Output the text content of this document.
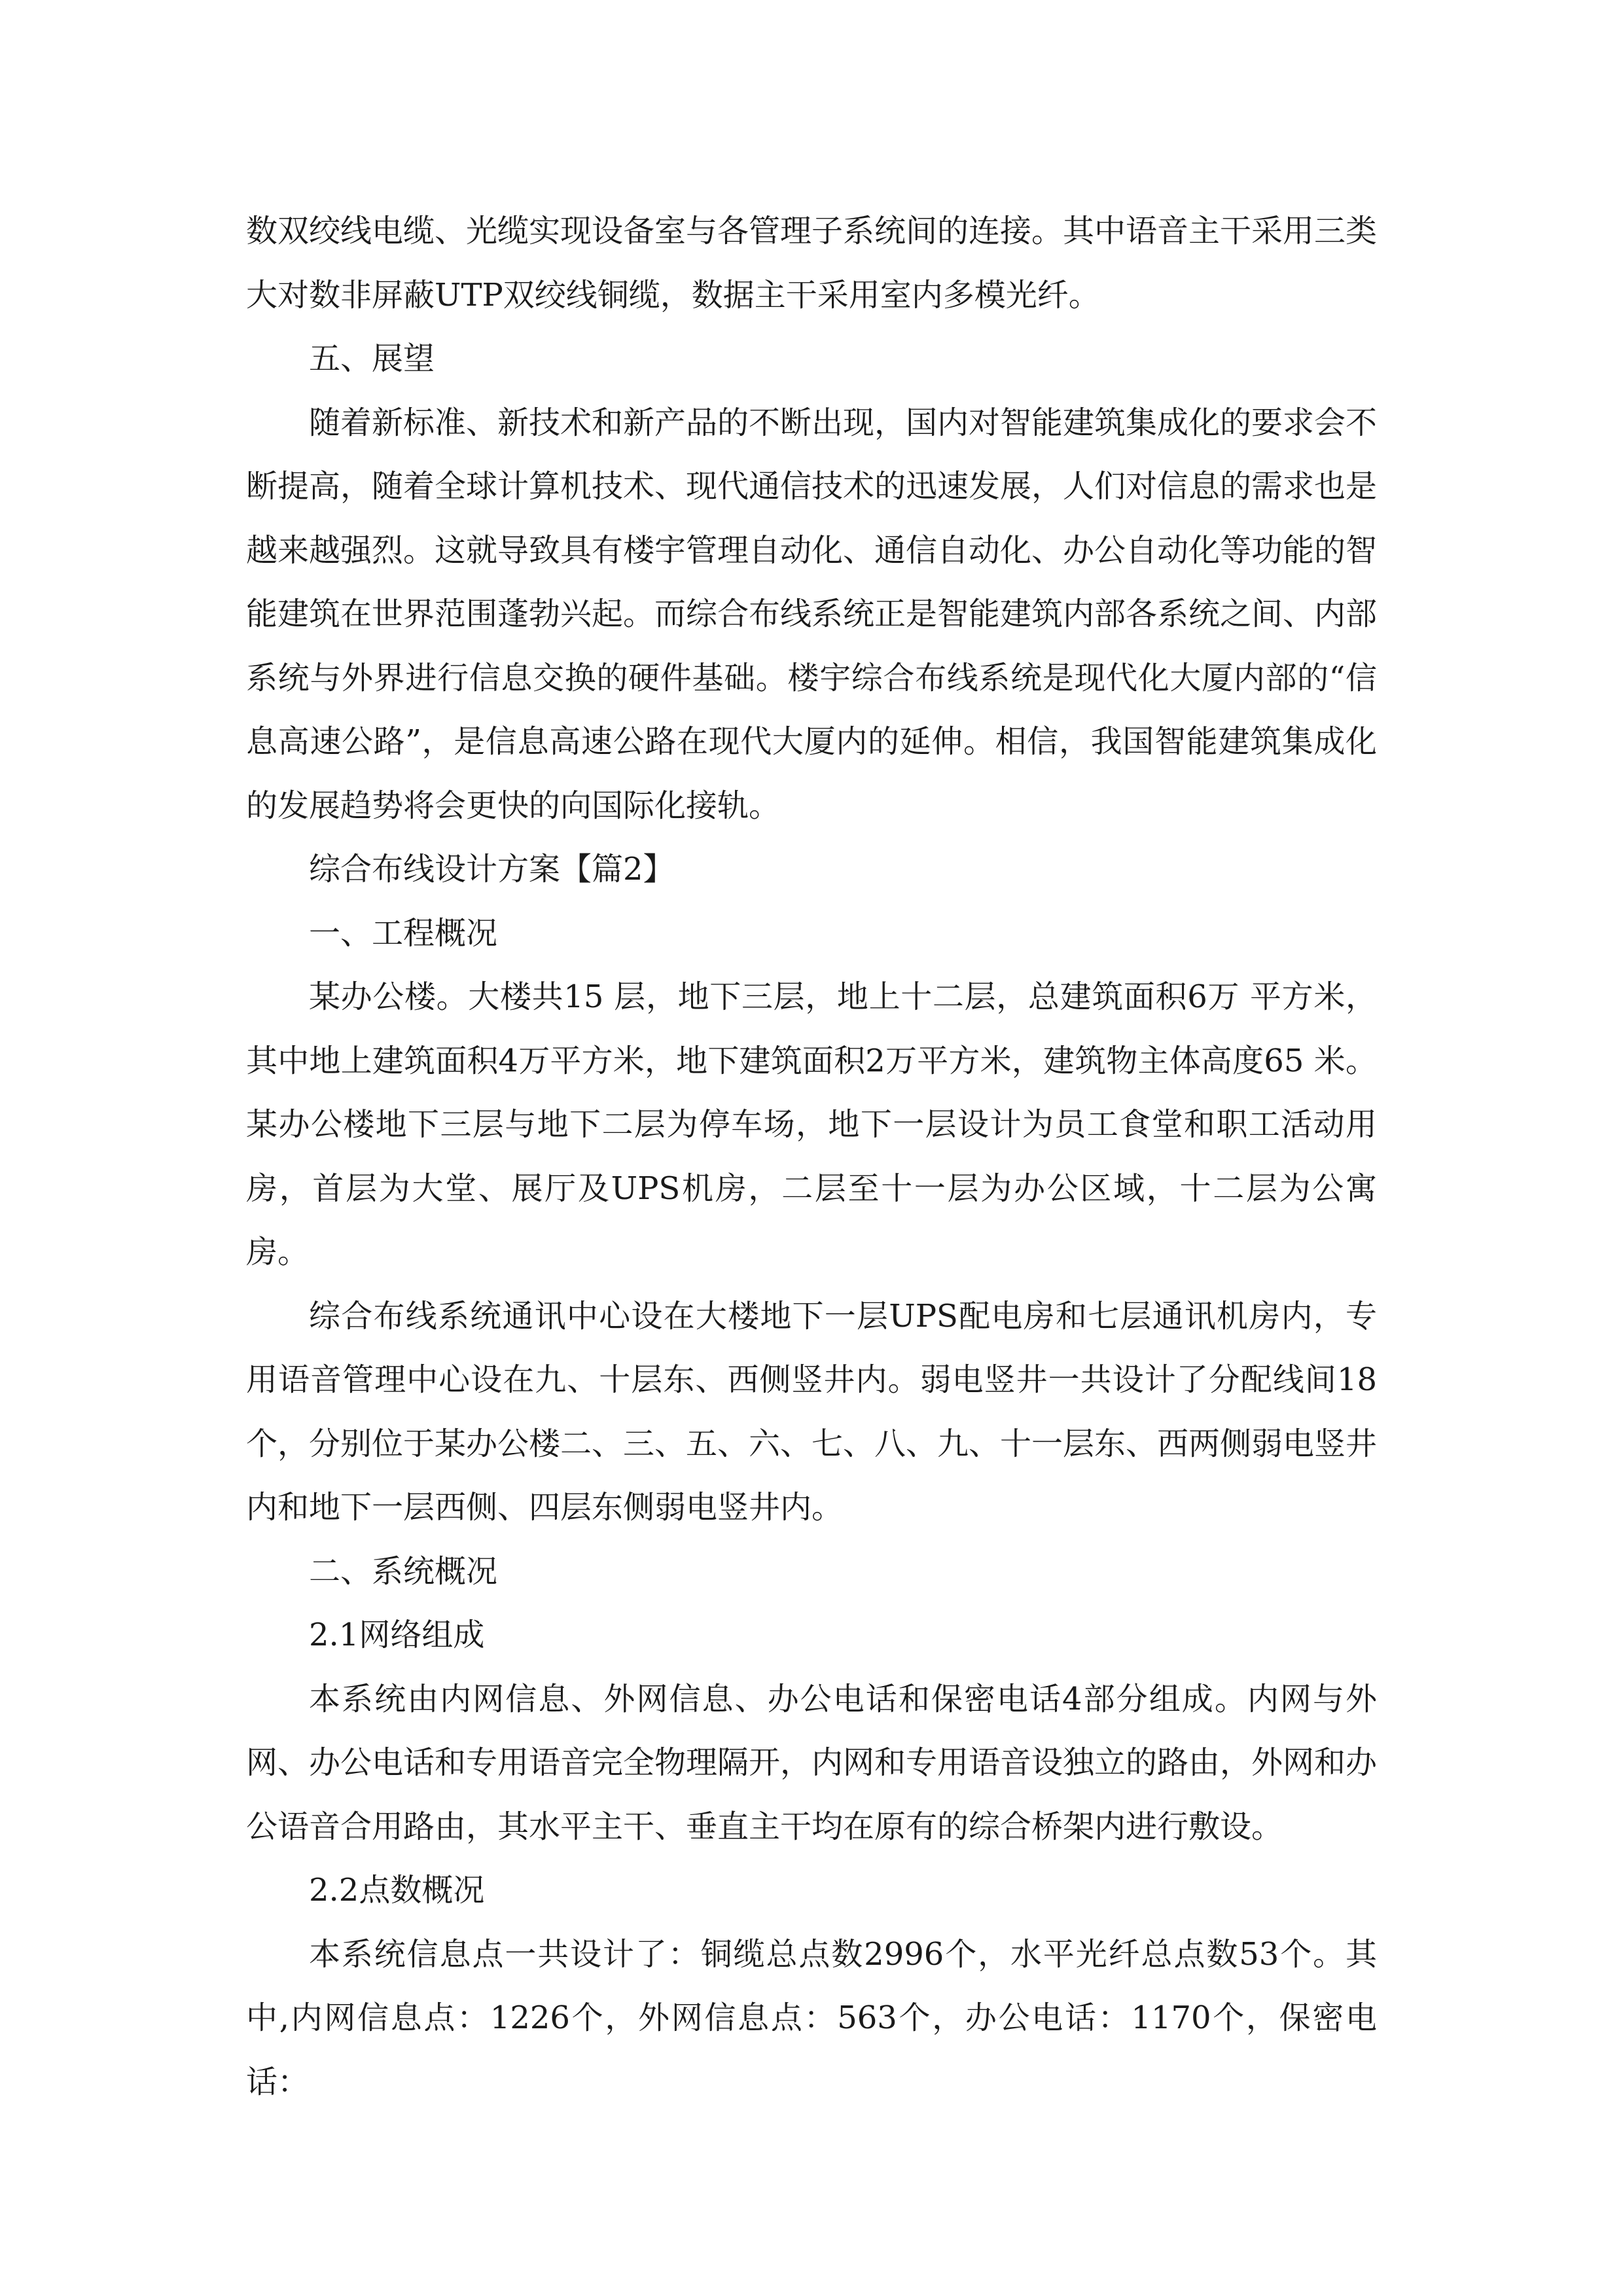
数双绞线电缆、光缆实现设备室与各管理子系统间的连接。其中语音主干采用三类大对数非屏蔽UTP双绞线铜缆，数据主干采用室内多模光纤。

五、展望

随着新标准、新技术和新产品的不断出现，国内对智能建筑集成化的要求会不断提高，随着全球计算机技术、现代通信技术的迅速发展，人们对信息的需求也是越来越强烈。这就导致具有楼宇管理自动化、通信自动化、办公自动化等功能的智能建筑在世界范围蓬勃兴起。而综合布线系统正是智能建筑内部各系统之间、内部系统与外界进行信息交换的硬件基础。楼宇综合布线系统是现代化大厦内部的“信息高速公路”，是信息高速公路在现代大厦内的延伸。相信，我国智能建筑集成化的发展趋势将会更快的向国际化接轨。

综合布线设计方案【篇2】

一、工程概况

某办公楼。大楼共15 层，地下三层，地上十二层，总建筑面积6万 平方米，其中地上建筑面积4万平方米，地下建筑面积2万平方米，建筑物主体高度65 米。某办公楼地下三层与地下二层为停车场，地下一层设计为员工食堂和职工活动用房，首层为大堂、展厅及UPS机房，二层至十一层为办公区域，十二层为公寓房。

综合布线系统通讯中心设在大楼地下一层UPS配电房和七层通讯机房内，专用语音管理中心设在九、十层东、西侧竖井内。弱电竖井一共设计了分配线间18个，分别位于某办公楼二、三、五、六、七、八、九、十一层东、西两侧弱电竖井内和地下一层西侧、四层东侧弱电竖井内。

二、系统概况

2.1网络组成

本系统由内网信息、外网信息、办公电话和保密电话4部分组成。内网与外网、办公电话和专用语音完全物理隔开，内网和专用语音设独立的路由，外网和办公语音合用路由，其水平主干、垂直主干均在原有的综合桥架内进行敷设。

2.2点数概况

本系统信息点一共设计了：铜缆总点数2996个，水平光纤总点数53个。其中,内网信息点：1226个，外网信息点：563个，办公电话：1170个，保密电话：
